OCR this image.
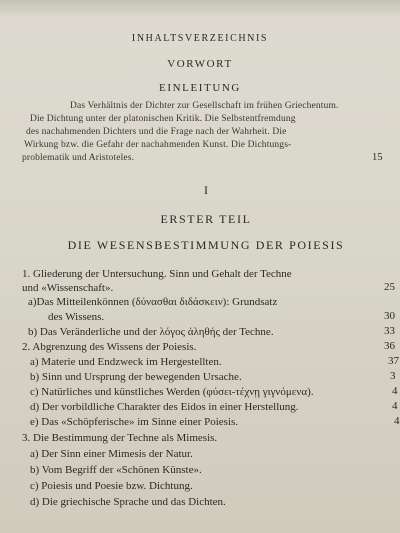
INHALTSVERZEICHNIS
VORWORT
EINLEITUNG
Das Verhältnis der Dichter zur Gesellschaft im frühen Griechentum.
Die Dichtung unter der platonischen Kritik. Die Selbstentfremdung
des nachahmenden Dichters und die Frage nach der Wahrheit. Die
Wirkung bzw. die Gefahr der nachahmenden Kunst. Die Dichtungs-
problematik und Aristoteles.	15
I
ERSTER TEIL
DIE WESENSBESTIMMUNG DER POIESIS
1. Gliederung der Untersuchung. Sinn und Gehalt der Techne
und «Wissenschaft».	25
a)Das Mitteilenkönnen (δύνασθαι διδάσκειν): Grundsatz
des Wissens.	30
b) Das Veränderliche und der λόγος ἀληθής der Techne.	33
2. Abgrenzung des Wissens der Poiesis.	36
a) Materie und Endzweck im Hergestellten.	37
b) Sinn und Ursprung der bewegenden Ursache.	3
c) Natürliches und künstliches Werden (φύσει-τέχνῃ γιγνόμενα).	4
d) Der vorbildliche Charakter des Eidos in einer Herstellung.	4
e) Das «Schöpferische» im Sinne einer Poiesis.	4
3. Die Bestimmung der Techne als Mimesis.
a) Der Sinn einer Mimesis der Natur.
b) Vom Begriff der «Schönen Künste».
c) Poiesis und Poesie bzw. Dichtung.
d) Die griechische Sprache und das Dichten.
